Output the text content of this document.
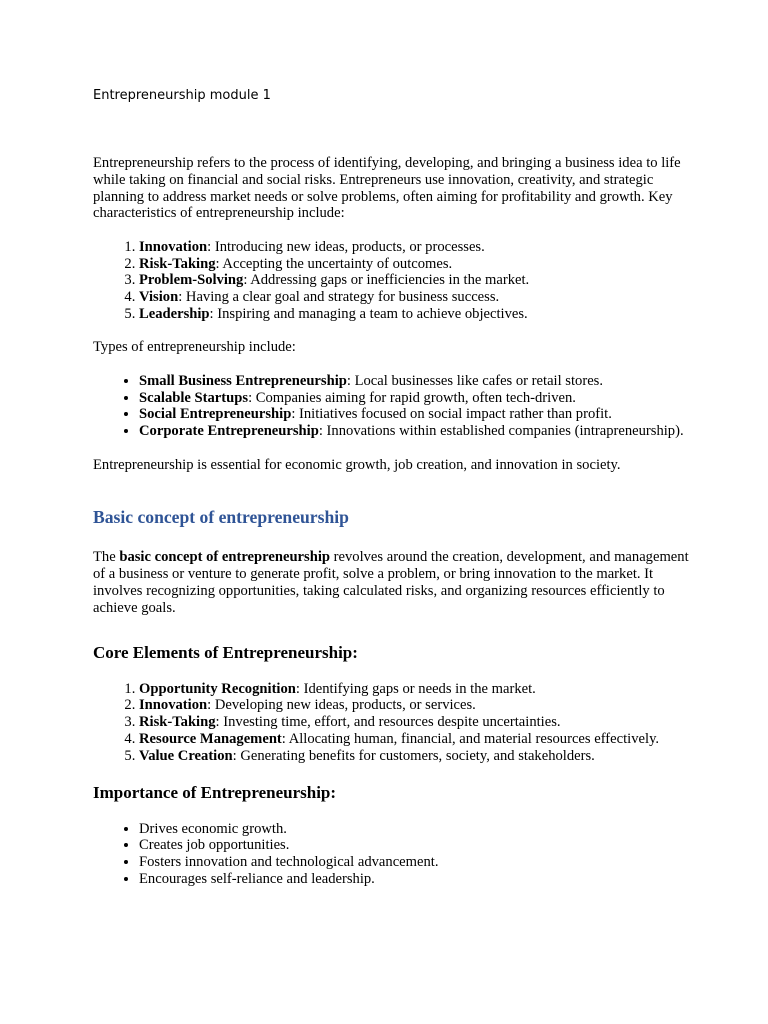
Entrepreneurship module 1

Entrepreneurship refers to the process of identifying, developing, and bringing a business idea to life while taking on financial and social risks. Entrepreneurs use innovation, creativity, and strategic planning to address market needs or solve problems, often aiming for profitability and growth. Key characteristics of entrepreneurship include:

1. Innovation: Introducing new ideas, products, or processes.
2. Risk-Taking: Accepting the uncertainty of outcomes.
3. Problem-Solving: Addressing gaps or inefficiencies in the market.
4. Vision: Having a clear goal and strategy for business success.
5. Leadership: Inspiring and managing a team to achieve objectives.

Types of entrepreneurship include:

• Small Business Entrepreneurship: Local businesses like cafes or retail stores.
• Scalable Startups: Companies aiming for rapid growth, often tech-driven.
• Social Entrepreneurship: Initiatives focused on social impact rather than profit.
• Corporate Entrepreneurship: Innovations within established companies (intrapreneurship).

Entrepreneurship is essential for economic growth, job creation, and innovation in society.

Basic concept of entrepreneurship

The basic concept of entrepreneurship revolves around the creation, development, and management of a business or venture to generate profit, solve a problem, or bring innovation to the market. It involves recognizing opportunities, taking calculated risks, and organizing resources efficiently to achieve goals.

Core Elements of Entrepreneurship:
1. Opportunity Recognition: Identifying gaps or needs in the market.
2. Innovation: Developing new ideas, products, or services.
3. Risk-Taking: Investing time, effort, and resources despite uncertainties.
4. Resource Management: Allocating human, financial, and material resources effectively.
5. Value Creation: Generating benefits for customers, society, and stakeholders.
Importance of Entrepreneurship:
• Drives economic growth.
• Creates job opportunities.
• Fosters innovation and technological advancement.
• Encourages self-reliance and leadership.
